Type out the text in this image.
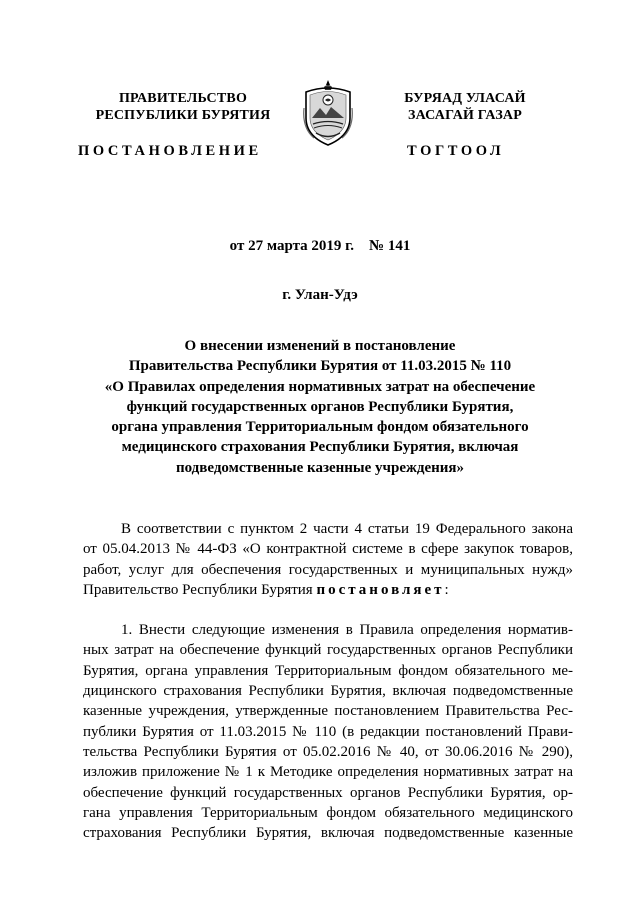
ПРАВИТЕЛЬСТВО
РЕСПУБЛИКИ БУРЯТИЯ
ПОСТАНОВЛЕНИЕ
БУРЯАД УЛАСАЙ
ЗАСАГАЙ ГАЗАР
ТОГТООЛ
от 27 марта 2019 г. № 141
г. Улан-Удэ
О внесении изменений в постановление
Правительства Республики Бурятия от 11.03.2015 № 110
«О Правилах определения нормативных затрат на обеспечение
функций государственных органов Республики Бурятия,
органа управления Территориальным фондом обязательного
медицинского страхования Республики Бурятия, включая
подведомственные казенные учреждения»
В соответствии с пунктом 2 части 4 статьи 19 Федерального закона
от 05.04.2013 № 44-ФЗ «О контрактной системе в сфере закупок товаров,
работ, услуг для обеспечения государственных и муниципальных нужд»
Правительство Республики Бурятия постановляет:
1. Внести следующие изменения в Правила определения норматив-
ных затрат на обеспечение функций государственных органов Республики
Бурятия, органа управления Территориальным фондом обязательного ме-
дицинского страхования Республики Бурятия, включая подведомственные
казенные учреждения, утвержденные постановлением Правительства Рес-
публики Бурятия от 11.03.2015 № 110 (в редакции постановлений Прави-
тельства Республики Бурятия от 05.02.2016 № 40, от 30.06.2016 № 290),
изложив приложение № 1 к Методике определения нормативных затрат на
обеспечение функций государственных органов Республики Бурятия, ор-
гана управления Территориальным фондом обязательного медицинского
страхования Республики Бурятия, включая подведомственные казенные
